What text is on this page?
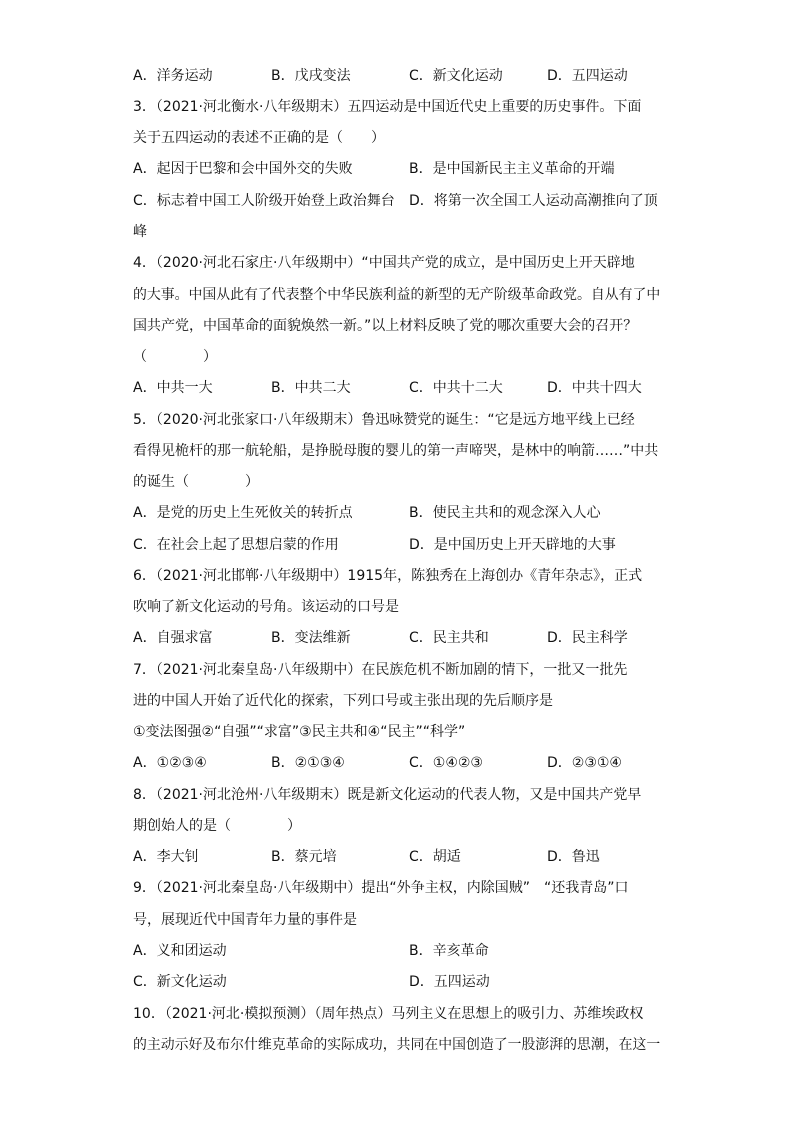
A．洋务运动	B．戊戌变法	C．新文化运动	D．五四运动
3．（2021·河北衡水·八年级期末）五四运动是中国近代史上重要的历史事件。下面
关于五四运动的表述不正确的是（　　）
A．起因于巴黎和会中国外交的失败	B．是中国新民主主义革命的开端
C．标志着中国工人阶级开始登上政治舞台 D．将第一次全国工人运动高潮推向了顶
峰
4．（2020·河北石家庄·八年级期中）“中国共产党的成立，是中国历史上开天辟地
的大事。中国从此有了代表整个中华民族利益的新型的无产阶级革命政党。自从有了中
国共产党，中国革命的面貌焕然一新。”以上材料反映了党的哪次重要大会的召开？
（　　　　）
A．中共一大	B．中共二大	C．中共十二大	D．中共十四大
5．（2020·河北张家口·八年级期末）鲁迅咏赞党的诞生：“它是远方地平线上已经
看得见桅杆的那一航轮船，是挣脱母腹的婴儿的第一声啼哭，是林中的响箭……”中共
的诞生（　　　　）
A．是党的历史上生死攸关的转折点	B．使民主共和的观念深入人心
C．在社会上起了思想启蒙的作用	D．是中国历史上开天辟地的大事
6．（2021·河北邯郸·八年级期中）1915年，陈独秀在上海创办《青年杂志》，正式
吹响了新文化运动的号角。该运动的口号是
A．自强求富	B．变法维新	C．民主共和	D．民主科学
7．（2021·河北秦皇岛·八年级期中）在民族危机不断加剧的情下，一批又一批先
进的中国人开始了近代化的探索，下列口号或主张出现的先后顺序是
①变法图强②“自强”“求富”③民主共和④“民主”“科学”
A．①②③④	B．②①③④	C．①④②③	D．②③①④
8．（2021·河北沧州·八年级期末）既是新文化运动的代表人物，又是中国共产党早
期创始人的是（　　　　）
A．李大钊	B．蔡元培	C．胡适	D．鲁迅
9．（2021·河北秦皇岛·八年级期中）提出“外争主权，内除国贼”　“还我青岛”口
号，展现近代中国青年力量的事件是
A．义和团运动	B．辛亥革命
C．新文化运动	D．五四运动
10．（2021·河北·模拟预测）（周年热点）马列主义在思想上的吸引力、苏维埃政权
的主动示好及布尔什维克革命的实际成功，共同在中国创造了一股澎湃的思潮，在这一
